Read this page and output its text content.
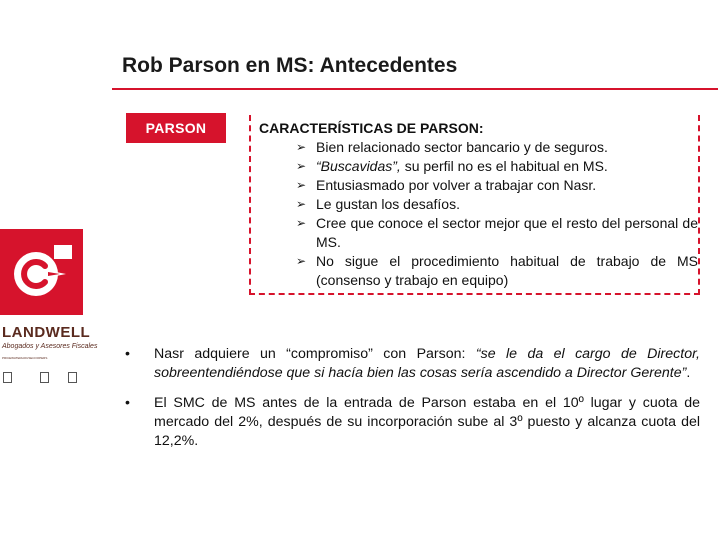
Rob Parson en MS: Antecedentes
LANDWELL
Abogados y Asesores Fiscales
PRICEWATERHOUSECOOPERS
PARSON	CARACTERÍSTICAS DE PARSON:
➢ Bien relacionado sector bancario y de seguros.
➢ “Buscavidas”, su perfil no es el habitual en MS.
➢ Entusiasmado por volver a trabajar con Nasr.
➢ Le gustan los desafíos.
➢ Cree que conoce el sector mejor que el resto del personal de MS.
➢ No sigue el procedimiento habitual de trabajo de MS (consenso y trabajo en equipo)
• Nasr adquiere un “compromiso” con Parson: “se le da el cargo de Director, sobreentendiéndose que si hacía bien las cosas sería ascendido a Director Gerente”.
• El SMC de MS antes de la entrada de Parson estaba en el 10º lugar y cuota de mercado del 2%, después de su incorporación sube al 3º puesto y alcanza cuota del 12,2%.
